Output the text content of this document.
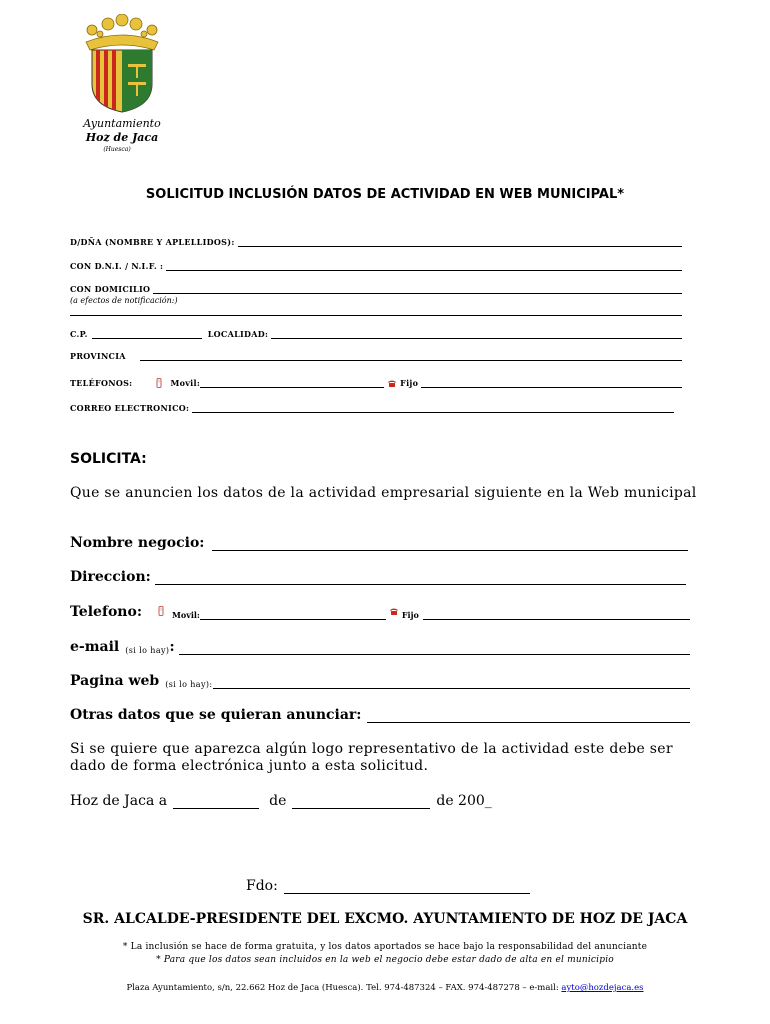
Ayuntamiento
Hoz de Jaca
(Huesca)
SOLICITUD INCLUSIÓN DATOS DE ACTIVIDAD EN WEB MUNICIPAL*
D/DÑA (NOMBRE Y APLELLIDOS):
CON D.N.I. / N.I.F. :
CON DOMICILIO
(a efectos de notificación:)
C.P.	LOCALIDAD:
PROVINCIA
TELÉFONOS:	Movil:	Fijo
CORREO ELECTRONICO:
SOLICITA:
Que se anuncien los datos de la actividad empresarial siguiente en la Web municipal
Nombre negocio:
Direccion:
Telefono:	Movil:	Fijo
e-mail (si lo hay) :
Pagina web (si lo hay):
Otras datos que se quieran anunciar:
Si se quiere que aparezca algún logo representativo de la actividad este debe ser dado de forma electrónica junto a esta solicitud.
Hoz de Jaca a	de	de 200_
Fdo:
SR. ALCALDE-PRESIDENTE DEL EXCMO. AYUNTAMIENTO DE HOZ DE JACA
* La inclusión se hace de forma gratuita, y los datos aportados se hace bajo la responsabilidad del anunciante
* Para que los datos sean incluidos en la web el negocio debe estar dado de alta en el municipio
Plaza Ayuntamiento, s/n, 22.662 Hoz de Jaca (Huesca). Tel. 974-487324 – FAX. 974-487278 – e-mail: ayto@hozdejaca.es
